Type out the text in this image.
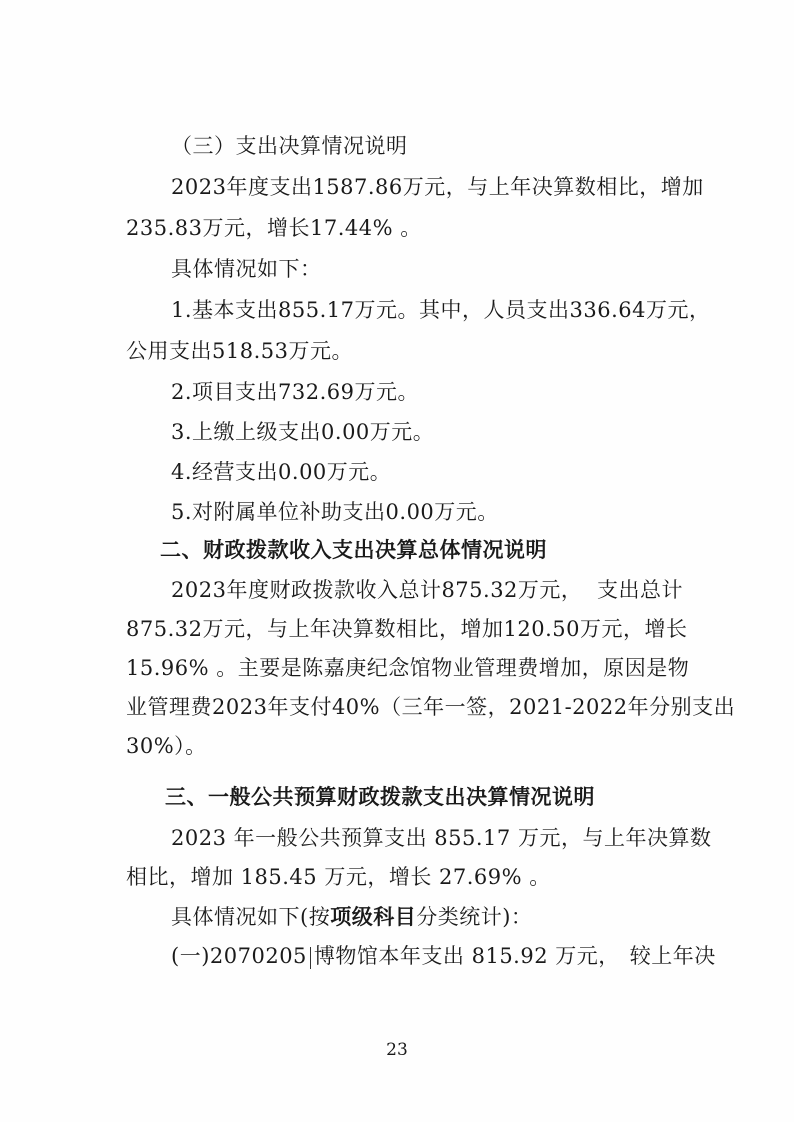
（三）支出决算情况说明
2023年度支出1587.86万元， 与上年决算数相比， 增加
235.83万元，增长17.44% 。
具体情况如下：
1.基本支出855.17万元。 其中， 人员支出336.64万元，
公用支出518.53万元。
2.项目支出732.69万元。
3.上缴上级支出0.00万元。
4.经营支出0.00万元。
5.对附属单位补助支出0.00万元。
二、财政拨款收入支出决算总体情况说明
2023年度财政拨款收入总计875.32万元， 支出总计
875.32万元， 与上年决算数相比， 增加120.50万元， 增长
15.96% 。 主要是陈嘉庚纪念馆物业管理费增加， 原因是物
业管理费2023年支付40%（三年一签， 2021-2022年分别支出
30%）。
三、一般公共预算财政拨款支出决算情况说明
2023 年一般公共预算支出 855.17 万元， 与上年决算数
相比，增加 185.45 万元，增长 27.69% 。
具体情况如下(按项级科目分类统计)：
(一)2070205 博物馆本年支出 815.92 万元， 较上年决
23
